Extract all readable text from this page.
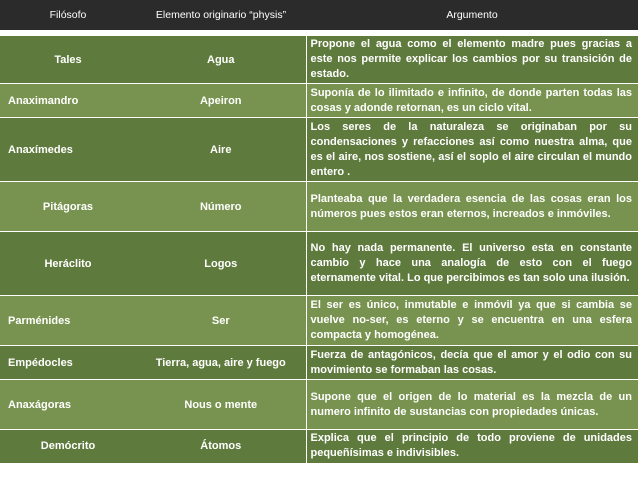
Filósofo	Elemento originario “physis”	Argumento
Tales	Agua	Propone el agua como el elemento madre pues gracias a este nos permite explicar los cambios por su transición de estado.
Anaximandro	Apeiron	Suponía de lo ilimitado e infinito, de donde parten todas las cosas y adonde retornan, es un ciclo vital.
Anaxímedes	Aire	Los seres de la naturaleza se originaban por su condensaciones y refacciones así como nuestra alma, que es el aire, nos sostiene, así el soplo el aire circulan el mundo entero .
Pitágoras	Número	Planteaba que la verdadera esencia de las cosas eran los números pues estos eran eternos, increados e inmóviles.
Heráclito	Logos	No hay nada permanente. El universo esta en constante cambio y hace una analogía de esto con el fuego eternamente vital. Lo que percibimos es tan solo una ilusión.
Parménides	Ser	El ser es único, inmutable e inmóvil ya que si cambia se vuelve no-ser, es eterno y se encuentra en una esfera compacta y homogénea.
Empédocles	Tierra, agua, aire y fuego	Fuerza de antagónicos, decía que el amor y el odio con su movimiento se formaban las cosas.
Anaxágoras	Nous o mente	Supone que el origen de lo material es la mezcla de un numero infinito de sustancias con propiedades únicas.
Demócrito	Átomos	Explica que el principio de todo proviene de unidades pequeñísimas e indivisibles.
